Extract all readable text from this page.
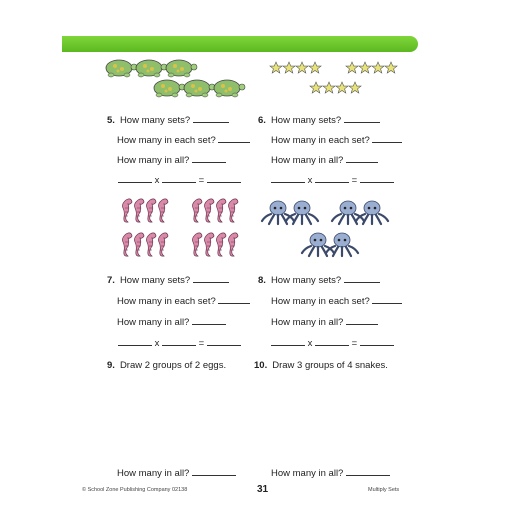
5. How many sets?
How many in each set?
How many in all?
x	=
6. How many sets?
How many in each set?
How many in all?
x	=
7. How many sets?
How many in each set?
How many in all?
x	=
8. How many sets?
How many in each set?
How many in all?
x	=
9. Draw 2 groups of 2 eggs.
How many in all?
10. Draw 3 groups of 4 snakes.
How many in all?
© School Zone Publishing Company 02138	31	Multiply Sets
